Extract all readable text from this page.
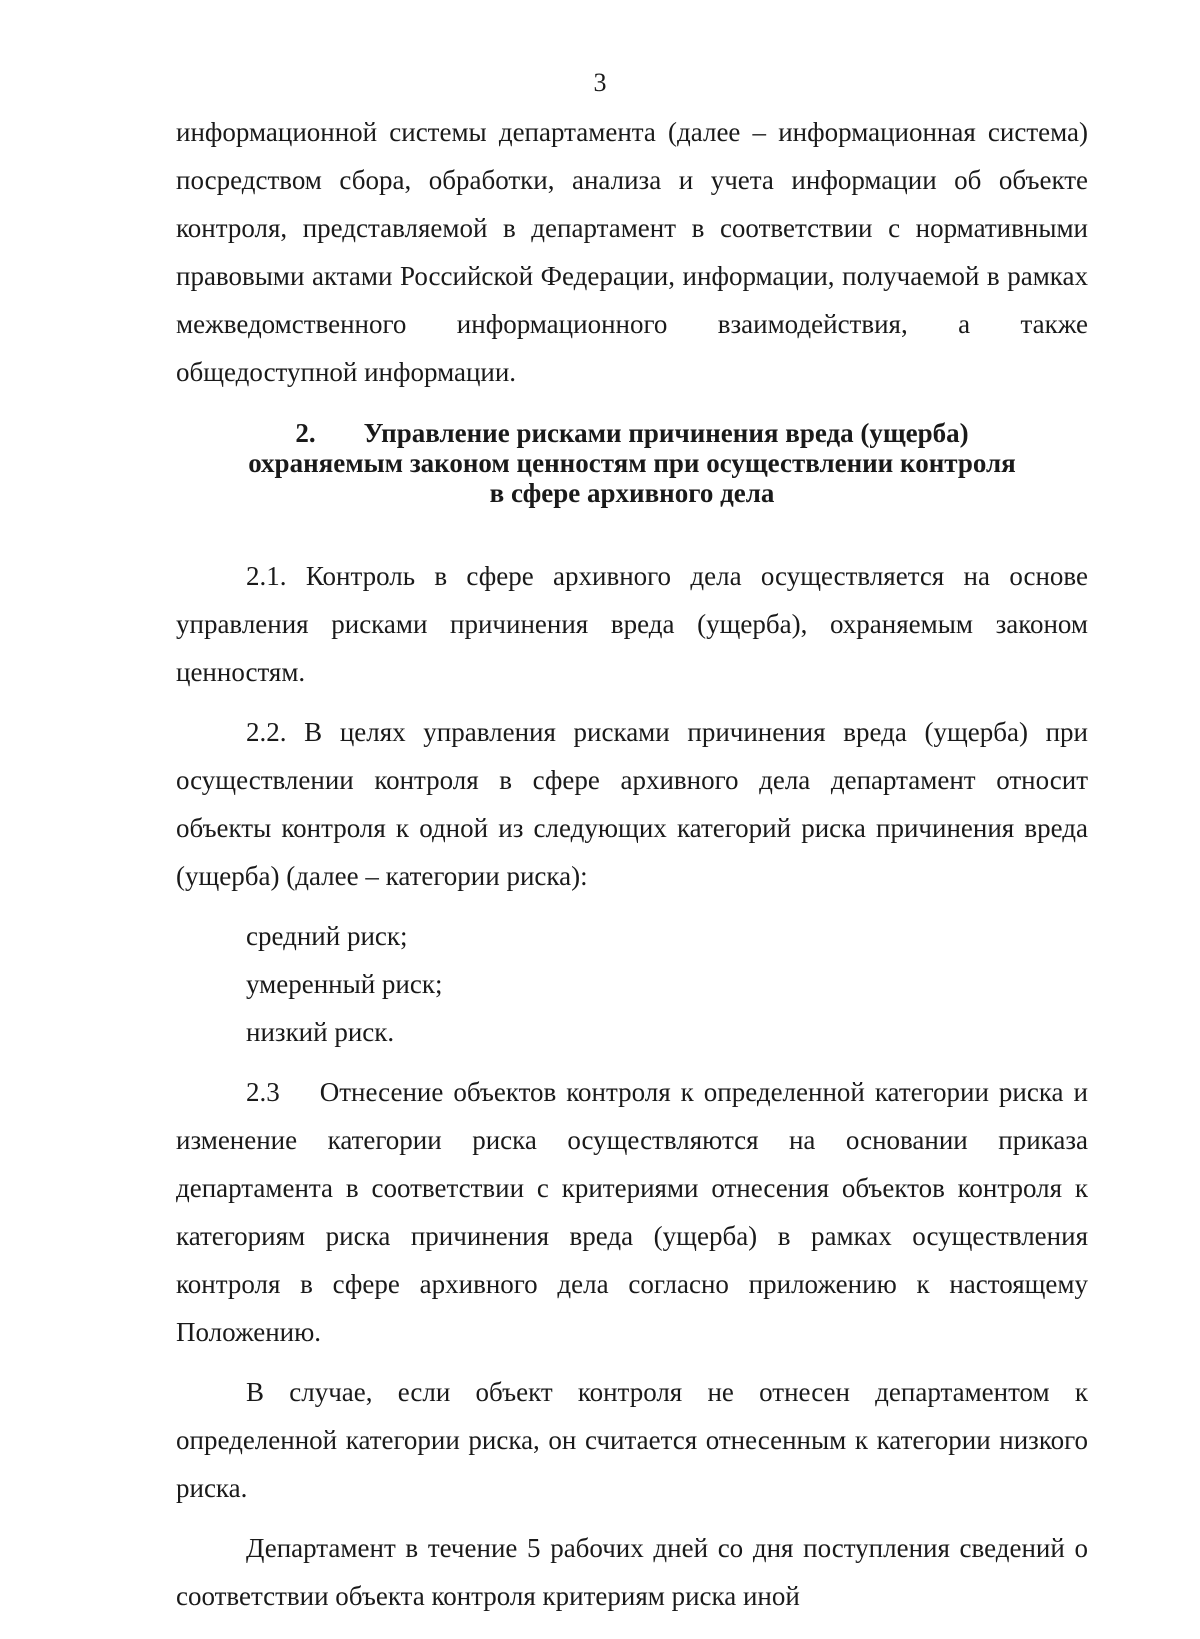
3

информационной системы департамента (далее – информационная система) посредством сбора, обработки, анализа и учета информации об объекте контроля, представляемой в департамент в соответствии с нормативными правовыми актами Российской Федерации, информации, получаемой в рамках межведомственного информационного взаимодействия, а также общедоступной информации.

2. Управление рисками причинения вреда (ущерба)
охраняемым законом ценностям при осуществлении контроля
в сфере архивного дела

2.1. Контроль в сфере архивного дела осуществляется на основе управления рисками причинения вреда (ущерба), охраняемым законом ценностям.

2.2. В целях управления рисками причинения вреда (ущерба) при осуществлении контроля в сфере архивного дела департамент относит объекты контроля к одной из следующих категорий риска причинения вреда (ущерба) (далее – категории риска):

средний риск;

умеренный риск;

низкий риск.

2.3 Отнесение объектов контроля к определенной категории риска и изменение категории риска осуществляются на основании приказа департамента в соответствии с критериями отнесения объектов контроля к категориям риска причинения вреда (ущерба) в рамках осуществления контроля в сфере архивного дела согласно приложению к настоящему Положению.

В случае, если объект контроля не отнесен департаментом к определенной категории риска, он считается отнесенным к категории низкого риска.

Департамент в течение 5 рабочих дней со дня поступления сведений о соответствии объекта контроля критериям риска иной
